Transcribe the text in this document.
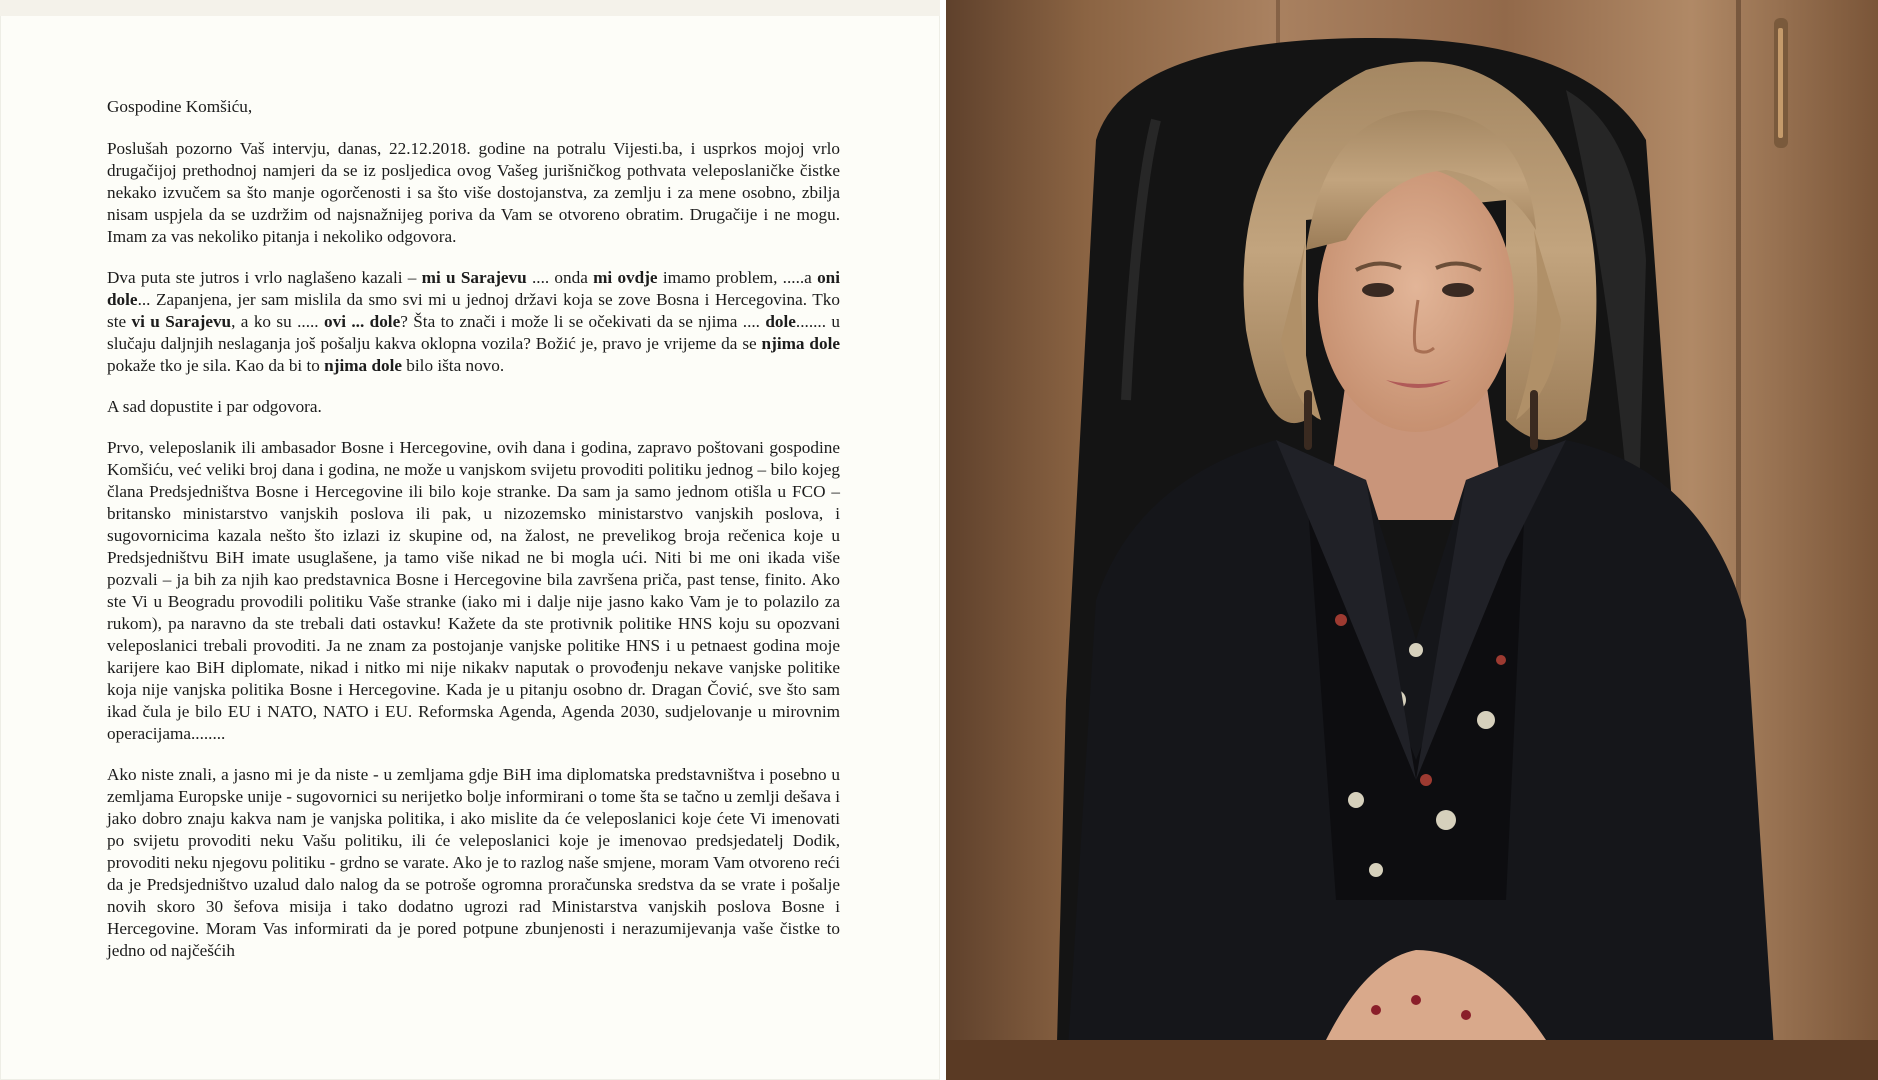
Gospodine Komšiću,

Poslušah pozorno Vaš intervju, danas, 22.12.2018. godine na potralu Vijesti.ba, i usprkos mojoj vrlo drugačijoj prethodnoj namjeri da se iz posljedica ovog Vašeg jurišničkog pothvata veleposlaničke čistke nekako izvučem sa što manje ogorčenosti i sa što više dostojanstva, za zemlju i za mene osobno, zbilja nisam uspjela da se uzdržim od najsnažnijeg poriva da Vam se otvoreno obratim. Drugačije i ne mogu. Imam za vas nekoliko pitanja i nekoliko odgovora.

Dva puta ste jutros i vrlo naglašeno kazali – mi u Sarajevu .... onda mi ovdje imamo problem, .....a oni dole... Zapanjena, jer sam mislila da smo svi mi u jednoj državi koja se zove Bosna i Hercegovina. Tko ste vi u Sarajevu, a ko su ..... ovi ... dole? Šta to znači i može li se očekivati da se njima .... dole....... u slučaju daljnjih neslaganja još pošalju kakva oklopna vozila? Božić je, pravo je vrijeme da se njima dole pokaže tko je sila. Kao da bi to njima dole bilo išta novo.

A sad dopustite i par odgovora.

Prvo, veleposlanik ili ambasador Bosne i Hercegovine, ovih dana i godina, zapravo poštovani gospodine Komšiću, već veliki broj dana i godina, ne može u vanjskom svijetu provoditi politiku jednog – bilo kojeg člana Predsjedništva Bosne i Hercegovine ili bilo koje stranke. Da sam ja samo jednom otišla u FCO – britansko ministarstvo vanjskih poslova ili pak, u nizozemsko ministarstvo vanjskih poslova, i sugovornicima kazala nešto što izlazi iz skupine od, na žalost, ne prevelikog broja rečenica koje u Predsjedništvu BiH imate usuglašene, ja tamo više nikad ne bi mogla ući. Niti bi me oni ikada više pozvali – ja bih za njih kao predstavnica Bosne i Hercegovine bila završena priča, past tense, finito. Ako ste Vi u Beogradu provodili politiku Vaše stranke (iako mi i dalje nije jasno kako Vam je to polazilo za rukom), pa naravno da ste trebali dati ostavku! Kažete da ste protivnik politike HNS koju su opozvani veleposlanici trebali provoditi. Ja ne znam za postojanje vanjske politike HNS i u petnaest godina moje karijere kao BiH diplomate, nikad i nitko mi nije nikakv naputak o provođenju nekave vanjske politike koja nije vanjska politika Bosne i Hercegovine. Kada je u pitanju osobno dr. Dragan Čović, sve što sam ikad čula je bilo EU i NATO, NATO i EU. Reformska Agenda, Agenda 2030, sudjelovanje u mirovnim operacijama........

Ako niste znali, a jasno mi je da niste - u zemljama gdje BiH ima diplomatska predstavništva i posebno u zemljama Europske unije - sugovornici su nerijetko bolje informirani o tome šta se tačno u zemlji dešava i jako dobro znaju kakva nam je vanjska politika, i ako mislite da će veleposlanici koje ćete Vi imenovati po svijetu provoditi neku Vašu politiku, ili će veleposlanici koje je imenovao predsjedatelj Dodik, provoditi neku njegovu politiku - grdno se varate. Ako je to razlog naše smjene, moram Vam otvoreno reći da je Predsjedništvo uzalud dalo nalog da se potroše ogromna proračunska sredstva da se vrate i pošalje novih skoro 30 šefova misija i tako dodatno ugrozi rad Ministarstva vanjskih poslova Bosne i Hercegovine. Moram Vas informirati da je pored potpune zbunjenosti i nerazumijevanja vaše čistke to jedno od najčešćih
